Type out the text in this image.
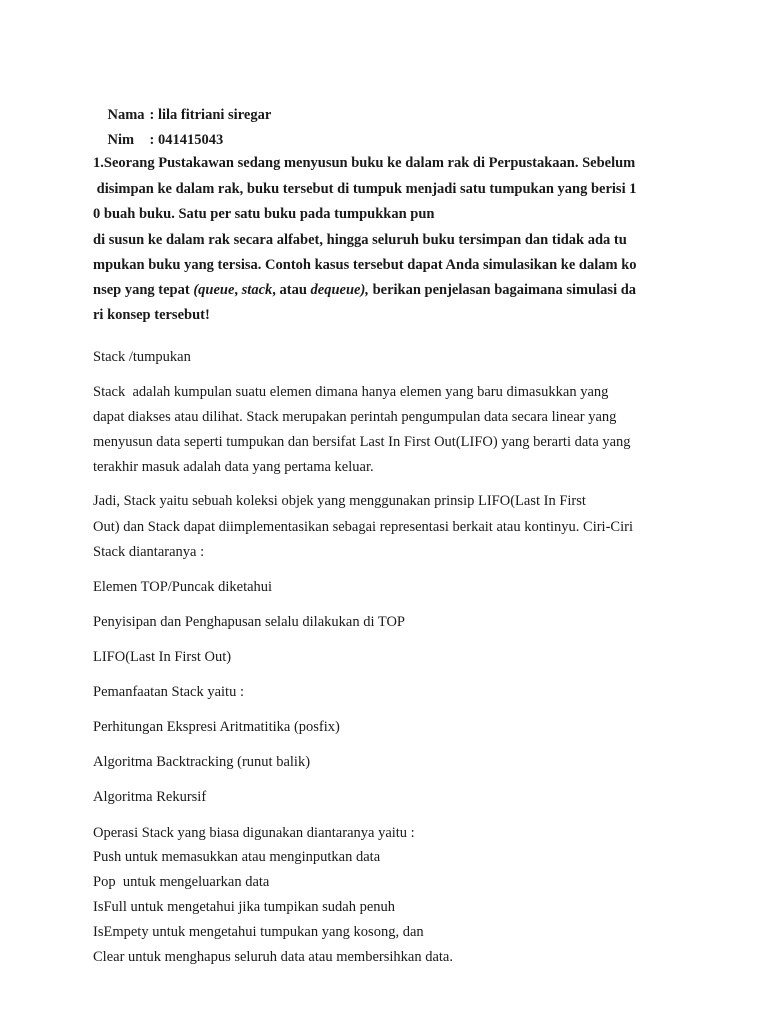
Nama : lila fitriani siregar

Nim : 041415043

1.Seorang Pustakawan sedang menyusun buku ke dalam rak di Perpustakaan. Sebelum
disimpan ke dalam rak, buku tersebut di tumpuk menjadi satu tumpukan yang berisi 1
0 buah buku. Satu per satu buku pada tumpukkan pun
di susun ke dalam rak secara alfabet, hingga seluruh buku tersimpan dan tidak ada tu
mpukan buku yang tersisa. Contoh kasus tersebut dapat Anda simulasikan ke dalam ko
nsep yang tepat (queue, stack, atau dequeue), berikan penjelasan bagaimana simulasi da
ri konsep tersebut!
Stack /tumpukan
Stack  adalah kumpulan suatu elemen dimana hanya elemen yang baru dimasukkan yang
dapat diakses atau dilihat. Stack merupakan perintah pengumpulan data secara linear yang
menyusun data seperti tumpukan dan bersifat Last In First Out(LIFO) yang berarti data yang
terakhir masuk adalah data yang pertama keluar.
Jadi, Stack yaitu sebuah koleksi objek yang menggunakan prinsip LIFO(Last In First
Out) dan Stack dapat diimplementasikan sebagai representasi berkait atau kontinyu. Ciri-Ciri
Stack diantaranya :
Elemen TOP/Puncak diketahui
Penyisipan dan Penghapusan selalu dilakukan di TOP
LIFO(Last In First Out)
Pemanfaatan Stack yaitu :
Perhitungan Ekspresi Aritmatitika (posfix)
Algoritma Backtracking (runut balik)
Algoritma Rekursif
Operasi Stack yang biasa digunakan diantaranya yaitu :
Push untuk memasukkan atau menginputkan data
Pop  untuk mengeluarkan data
IsFull untuk mengetahui jika tumpikan sudah penuh
IsEmpety untuk mengetahui tumpukan yang kosong, dan
Clear untuk menghapus seluruh data atau membersihkan data.
